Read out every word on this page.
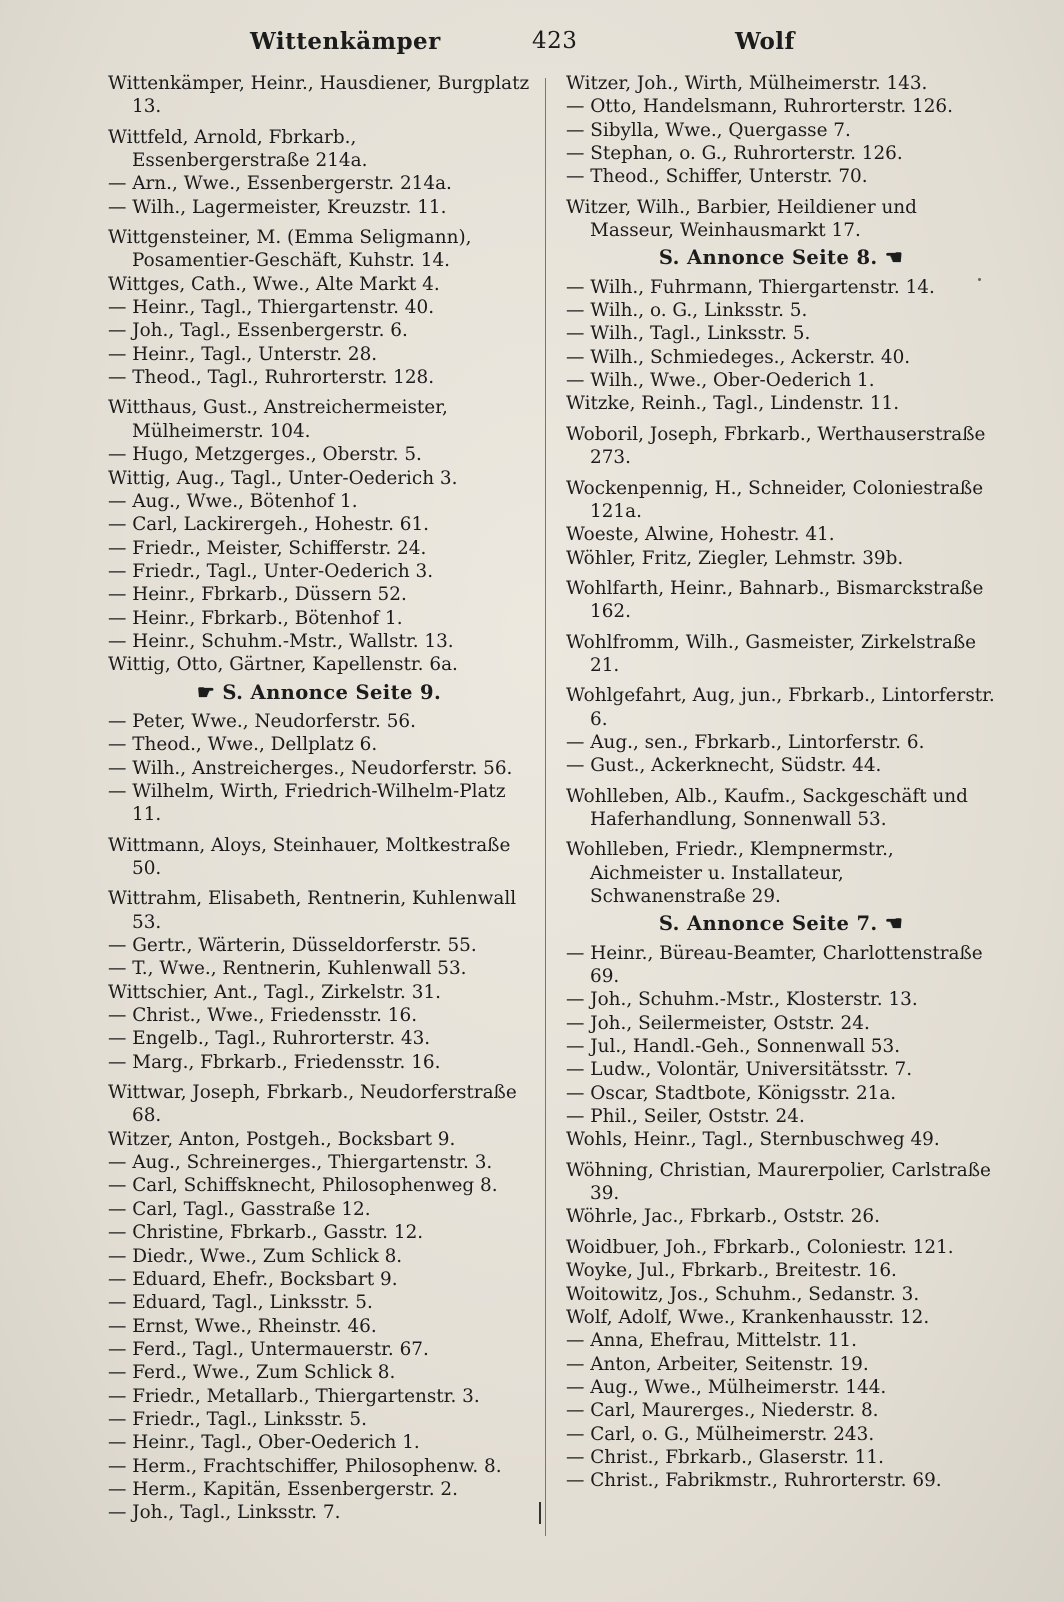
Wittenkämper	423	Wolf

Wittenkämper, Heinr., Hausdiener, Burgplatz 13.

Wittfeld, Arnold, Fbrkarb., Essenbergerstraße 214a.

— Arn., Wwe., Essenbergerstr. 214a.

— Wilh., Lagermeister, Kreuzstr. 11.

Wittgensteiner, M. (Emma Seligmann), Posamentier-Geschäft, Kuhstr. 14.

Wittges, Cath., Wwe., Alte Markt 4.

— Heinr., Tagl., Thiergartenstr. 40.

— Joh., Tagl., Essenbergerstr. 6.

— Heinr., Tagl., Unterstr. 28.

— Theod., Tagl., Ruhrorterstr. 128.

Witthaus, Gust., Anstreichermeister, Mülheimerstr. 104.

— Hugo, Metzgerges., Oberstr. 5.

Wittig, Aug., Tagl., Unter-Oederich 3.

— Aug., Wwe., Bötenhof 1.

— Carl, Lackirergeh., Hohestr. 61.

— Friedr., Meister, Schifferstr. 24.

— Friedr., Tagl., Unter-Oederich 3.

— Heinr., Fbrkarb., Düssern 52.

— Heinr., Fbrkarb., Bötenhof 1.

— Heinr., Schuhm.-Mstr., Wallstr. 13.

Wittig, Otto, Gärtner, Kapellenstr. 6a.

☛ S. Annonce Seite 9.

— Peter, Wwe., Neudorferstr. 56.

— Theod., Wwe., Dellplatz 6.

— Wilh., Anstreicherges., Neudorferstr. 56.

— Wilhelm, Wirth, Friedrich-Wilhelm-Platz 11.

Wittmann, Aloys, Steinhauer, Moltkestraße 50.

Wittrahm, Elisabeth, Rentnerin, Kuhlenwall 53.

— Gertr., Wärterin, Düsseldorferstr. 55.

— T., Wwe., Rentnerin, Kuhlenwall 53.

Wittschier, Ant., Tagl., Zirkelstr. 31.

— Christ., Wwe., Friedensstr. 16.

— Engelb., Tagl., Ruhrorterstr. 43.

— Marg., Fbrkarb., Friedensstr. 16.

Wittwar, Joseph, Fbrkarb., Neudorferstraße 68.

Witzer, Anton, Postgeh., Bocksbart 9.

— Aug., Schreinerges., Thiergartenstr. 3.

— Carl, Schiffsknecht, Philosophenweg 8.

— Carl, Tagl., Gasstraße 12.

— Christine, Fbrkarb., Gasstr. 12.

— Diedr., Wwe., Zum Schlick 8.

— Eduard, Ehefr., Bocksbart 9.

— Eduard, Tagl., Linksstr. 5.

— Ernst, Wwe., Rheinstr. 46.

— Ferd., Tagl., Untermauerstr. 67.

— Ferd., Wwe., Zum Schlick 8.

— Friedr., Metallarb., Thiergartenstr. 3.

— Friedr., Tagl., Linksstr. 5.

— Heinr., Tagl., Ober-Oederich 1.

— Herm., Frachtschiffer, Philosophenw. 8.

— Herm., Kapitän, Essenbergerstr. 2.

— Joh., Tagl., Linksstr. 7.

Witzer, Joh., Wirth, Mülheimerstr. 143.

— Otto, Handelsmann, Ruhrorterstr. 126.

— Sibylla, Wwe., Quergasse 7.

— Stephan, o. G., Ruhrorterstr. 126.

— Theod., Schiffer, Unterstr. 70.

Witzer, Wilh., Barbier, Heildiener und Masseur, Weinhausmarkt 17.

S. Annonce Seite 8. ☚

— Wilh., Fuhrmann, Thiergartenstr. 14.

— Wilh., o. G., Linksstr. 5.

— Wilh., Tagl., Linksstr. 5.

— Wilh., Schmiedeges., Ackerstr. 40.

— Wilh., Wwe., Ober-Oederich 1.

Witzke, Reinh., Tagl., Lindenstr. 11.

Woboril, Joseph, Fbrkarb., Werthauserstraße 273.

Wockenpennig, H., Schneider, Coloniestraße 121a.

Woeste, Alwine, Hohestr. 41.

Wöhler, Fritz, Ziegler, Lehmstr. 39b.

Wohlfarth, Heinr., Bahnarb., Bismarckstraße 162.

Wohlfromm, Wilh., Gasmeister, Zirkelstraße 21.

Wohlgefahrt, Aug, jun., Fbrkarb., Lintorferstr. 6.

— Aug., sen., Fbrkarb., Lintorferstr. 6.

— Gust., Ackerknecht, Südstr. 44.

Wohlleben, Alb., Kaufm., Sackgeschäft und Haferhandlung, Sonnenwall 53.

Wohlleben, Friedr., Klempnermstr., Aichmeister u. Installateur, Schwanenstraße 29.

S. Annonce Seite 7. ☚

— Heinr., Büreau-Beamter, Charlottenstraße 69.

— Joh., Schuhm.-Mstr., Klosterstr. 13.

— Joh., Seilermeister, Oststr. 24.

— Jul., Handl.-Geh., Sonnenwall 53.

— Ludw., Volontär, Universitätsstr. 7.

— Oscar, Stadtbote, Königsstr. 21a.

— Phil., Seiler, Oststr. 24.

Wohls, Heinr., Tagl., Sternbuschweg 49.

Wöhning, Christian, Maurerpolier, Carlstraße 39.

Wöhrle, Jac., Fbrkarb., Oststr. 26.

Woidbuer, Joh., Fbrkarb., Coloniestr. 121.

Woyke, Jul., Fbrkarb., Breitestr. 16.

Woitowitz, Jos., Schuhm., Sedanstr. 3.

Wolf, Adolf, Wwe., Krankenhausstr. 12.

— Anna, Ehefrau, Mittelstr. 11.

— Anton, Arbeiter, Seitenstr. 19.

— Aug., Wwe., Mülheimerstr. 144.

— Carl, Maurerges., Niederstr. 8.

— Carl, o. G., Mülheimerstr. 243.

— Christ., Fbrkarb., Glaserstr. 11.

— Christ., Fabrikmstr., Ruhrorterstr. 69.
